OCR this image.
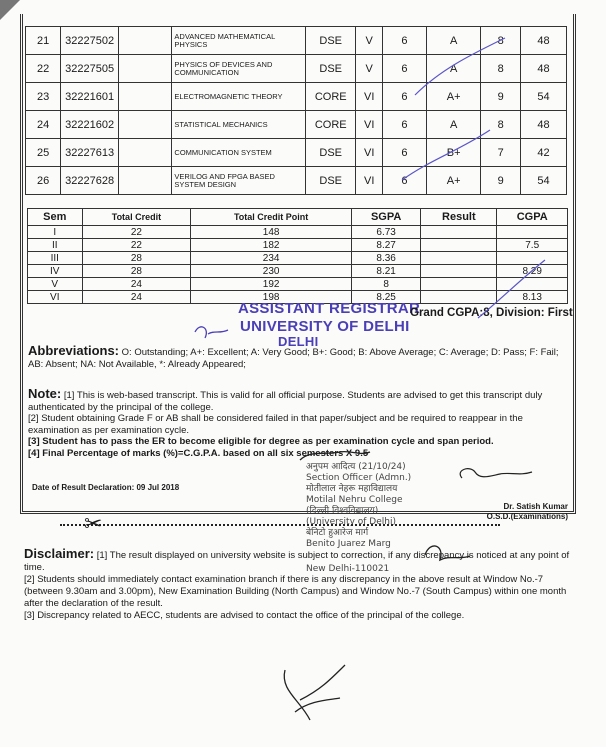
21	32227502		ADVANCED MATHEMATICAL PHYSICS	DSE	V	6	A	8	48
22	32227505		PHYSICS OF DEVICES AND COMMUNICATION	DSE	V	6	A	8	48
23	32221601		ELECTROMAGNETIC THEORY	CORE	VI	6	A+	9	54
24	32221602		STATISTICAL MECHANICS	CORE	VI	6	A	8	48
25	32227613		COMMUNICATION SYSTEM	DSE	VI	6	B+	7	42
26	32227628		VERILOG AND FPGA BASED SYSTEM DESIGN	DSE	VI	6	A+	9	54
Sem	Total Credit	Total Credit Point	SGPA	Result	CGPA
I	22	148	6.73		
II	22	182	8.27		7.5
III	28	234	8.36		
IV	28	230	8.21		8.29
V	24	192	8		
VI	24	198	8.25		8.13
ASSISTANT REGISTRAR
UNIVERSITY OF DELHI
DELHI
Grand CGPA:8, Division: First
Abbreviations: O: Outstanding; A+: Excellent; A: Very Good; B+: Good; B: Above Average; C: Average; D: Pass; F: Fail; AB: Absent; NA: Not Available, *: Already Appeared;
Note: [1] This is web-based transcript. This is valid for all official purpose. Students are advised to get this transcript duly authenticated by the principal of the college.
[2] Student obtaining Grade F or AB shall be considered failed in that paper/subject and be required to reappear in the examination as per examination cycle.
[3] Student has to pass the ER to become eligible for degree as per examination cycle and span period.
[4] Final Percentage of marks (%)=C.G.P.A. based on all six semesters X 9.5
Date of Result Declaration: 09 Jul 2018
अनुपम आदित्य (21/10/24)
Section Officer (Admn.)
मोतीलाल नेहरू महाविद्यालय
Motilal Nehru College
(दिल्ली विश्वविद्यालय)
(University of Delhi)
बेनिटो हुआरेज मार्ग
Benito Juarez Marg
New Delhi-110021
Dr. Satish Kumar
O.S.D.(Examinations)
✂
Disclaimer: [1] The result displayed on university website is subject to correction, if any discrepancy is noticed at any point of time.
[2] Students should immediately contact examination branch if there is any discrepancy in the above result at Window No.-7 (between 9.30am and 3.00pm), New Examination Building (North Campus) and Window No.-7 (South Campus) within one month after the declaration of the result.
[3] Discrepancy related to AECC, students are advised to contact the office of the principal of the college.
